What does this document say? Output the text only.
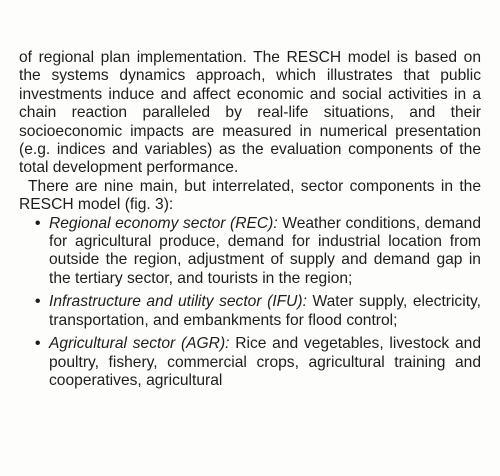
of regional plan implementation. The RESCH model is based on the systems dynamics approach, which illustrates that public investments induce and affect economic and social activities in a chain reaction paralleled by real-life situations, and their socioeconomic impacts are measured in numerical presentation (e.g. indices and variables) as the evaluation components of the total development performance.

There are nine main, but interrelated, sector components in the RESCH model (fig. 3):

• Regional economy sector (REC): Weather conditions, demand for agricultural produce, demand for industrial location from outside the region, adjustment of supply and demand gap in the tertiary sector, and tourists in the region;
• Infrastructure and utility sector (IFU): Water supply, electricity, transportation, and embankments for flood control;
• Agricultural sector (AGR): Rice and vegetables, livestock and poultry, fishery, commercial crops, agricultural training and cooperatives, agricultural
